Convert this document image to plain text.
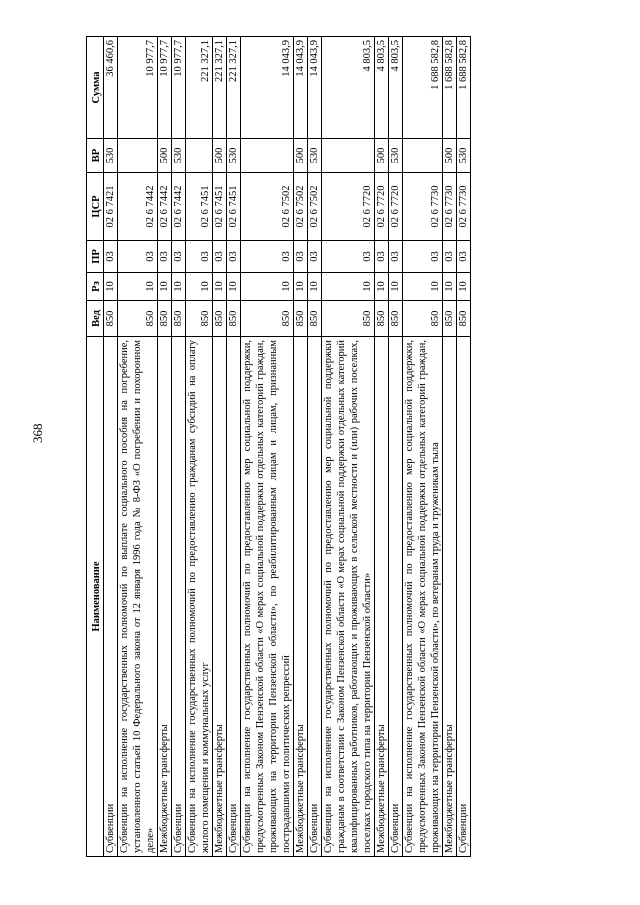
368
Наименование	Вед	Рз	ПР	ЦСР	ВР	Сумма
Субвенции	850	10	03	02 6 7421	530	36 460,6
Субвенции на исполнение государственных полномочий по выплате социального пособия на погребение, установленного статьей 10 Федерального закона от 12 января 1996 года № 8-ФЗ «О погребении и похоронном деле»	850	10	03	02 6 7442		10 977,7
Межбюджетные трансферты	850	10	03	02 6 7442	500	10 977,7
Субвенции	850	10	03	02 6 7442	530	10 977,7
Субвенции на исполнение государственных полномочий по предоставлению гражданам субсидий на оплату жилого помещения и коммунальных услуг	850	10	03	02 6 7451		221 327,1
Межбюджетные трансферты	850	10	03	02 6 7451	500	221 327,1
Субвенции	850	10	03	02 6 7451	530	221 327,1
Субвенции на исполнение государственных полномочий по предоставлению мер социальной поддержки, предусмотренных Законом Пензенской области «О мерах социальной поддержки отдельных категорий граждан, проживающих на территории Пензенской области», по реабилитированным лицам и лицам, признанным пострадавшими от политических репрессий	850	10	03	02 6 7502		14 043,9
Межбюджетные трансферты	850	10	03	02 6 7502	500	14 043,9
Субвенции	850	10	03	02 6 7502	530	14 043,9
Субвенции на исполнение государственных полномочий по предоставлению мер социальной поддержки гражданам в соответствии с Законом Пензенской области «О мерах социальной поддержки отдельных категорий квалифицированных работников, работающих и проживающих в сельской местности и (или) рабочих поселках, поселках городского типа на территории Пензенской области»	850	10	03	02 6 7720		4 803,5
Межбюджетные трансферты	850	10	03	02 6 7720	500	4 803,5
Субвенции	850	10	03	02 6 7720	530	4 803,5
Субвенции на исполнение государственных полномочий по предоставлению мер социальной поддержки, предусмотренных Законом Пензенской области «О мерах социальной поддержки отдельных категорий граждан, проживающих на территории Пензенской области», по ветеранам труда и труженикам тыла	850	10	03	02 6 7730		1 688 582,8
Межбюджетные трансферты	850	10	03	02 6 7730	500	1 688 582,8
Субвенции	850	10	03	02 6 7730	530	1 688 582,8
